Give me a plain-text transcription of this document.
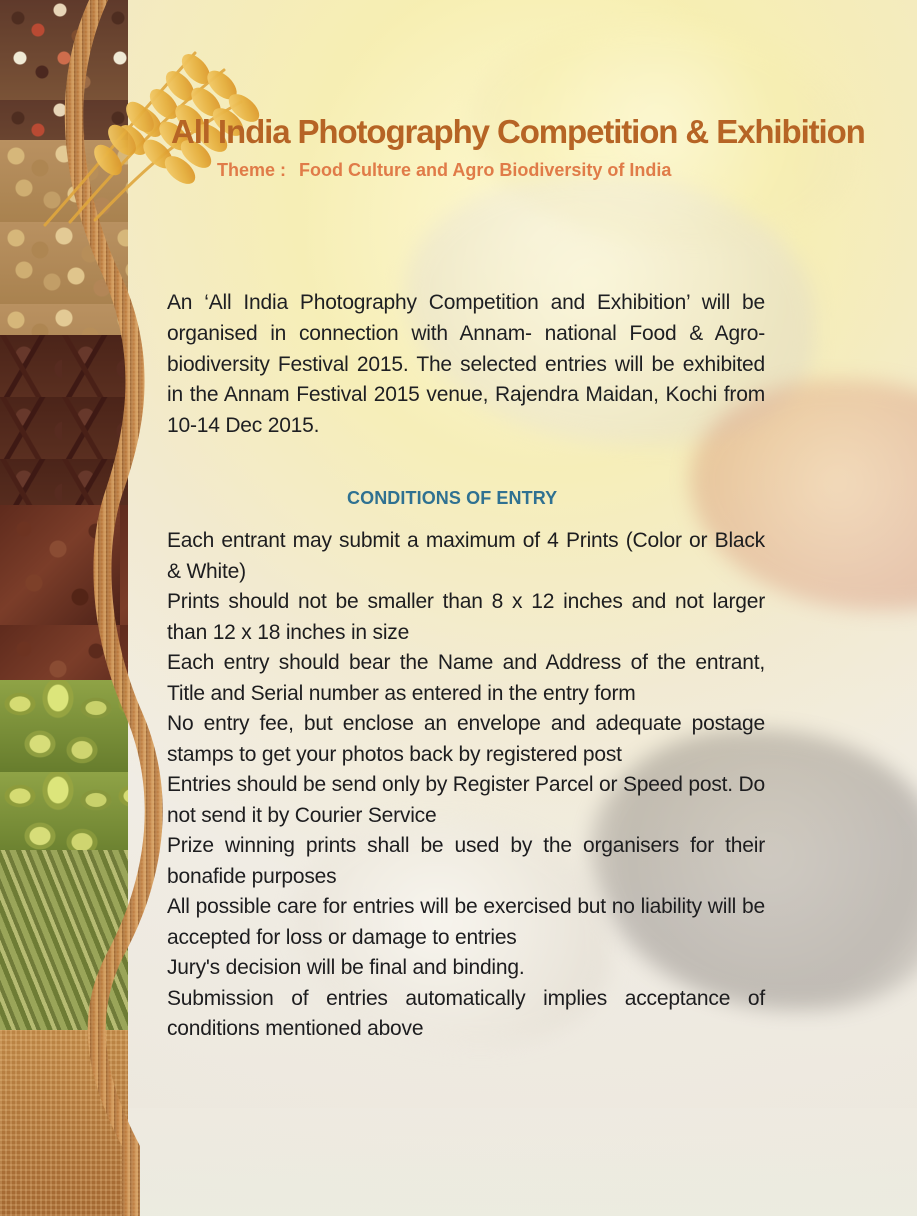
All India Photography Competition & Exhibition
Theme : Food Culture and Agro Biodiversity of India

An ‘All India Photography Competition and Exhibition’ will be organised in connection with Annam- national Food & Agro-biodiversity Festival 2015. The selected entries will be exhibited in the Annam Festival 2015 venue, Rajendra Maidan, Kochi from 10-14 Dec 2015.

CONDITIONS OF ENTRY
Each entrant may submit a maximum of 4 Prints (Color or Black & White)
Prints should not be smaller than 8 x 12 inches and not larger than 12 x 18 inches in size
Each entry should bear the Name and Address of the entrant, Title and Serial number as entered in the entry form
No entry fee, but enclose an envelope and adequate postage stamps to get your photos back by registered post
Entries should be send only by Register Parcel or Speed post. Do not send it by Courier Service
Prize winning prints shall be used by the organisers for their bonafide purposes
All possible care for entries will be exercised but no liability will be accepted for loss or damage to entries
Jury's decision will be final and binding.
Submission of entries automatically implies acceptance of conditions mentioned above
